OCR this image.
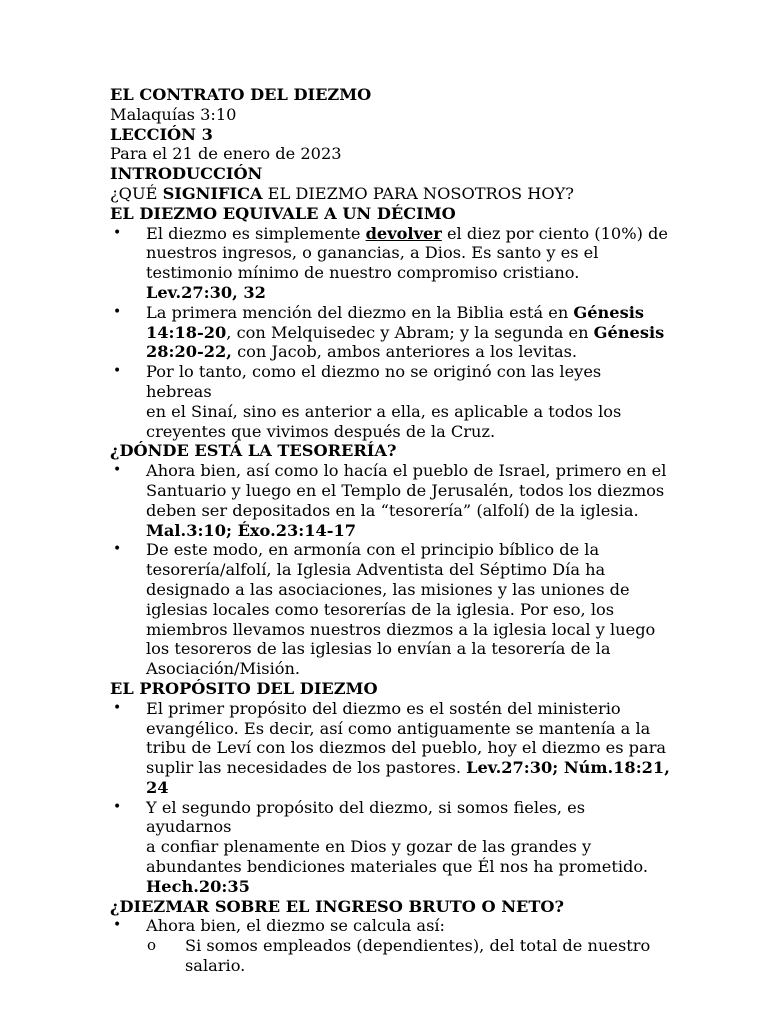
EL CONTRATO DEL DIEZMO
Malaquías 3:10
LECCIÓN 3
Para el 21 de enero de 2023
INTRODUCCIÓN
¿QUÉ SIGNIFICA EL DIEZMO PARA NOSOTROS HOY?
EL DIEZMO EQUIVALE A UN DÉCIMO
• El diezmo es simplemente devolver el diez por ciento (10%) de
nuestros ingresos, o ganancias, a Dios. Es santo y es el
testimonio mínimo de nuestro compromiso cristiano.
Lev.27:30, 32
• La primera mención del diezmo en la Biblia está en Génesis
14:18-20, con Melquisedec y Abram; y la segunda en Génesis
28:20-22, con Jacob, ambos anteriores a los levitas.
• Por lo tanto, como el diezmo no se originó con las leyes hebreas
en el Sinaí, sino es anterior a ella, es aplicable a todos los
creyentes que vivimos después de la Cruz.
¿DÓNDE ESTÁ LA TESORERÍA?
• Ahora bien, así como lo hacía el pueblo de Israel, primero en el
Santuario y luego en el Templo de Jerusalén, todos los diezmos
deben ser depositados en la “tesorería” (alfolí) de la iglesia.
Mal.3:10; Éxo.23:14-17
• De este modo, en armonía con el principio bíblico de la
tesorería/alfolí, la Iglesia Adventista del Séptimo Día ha
designado a las asociaciones, las misiones y las uniones de
iglesias locales como tesorerías de la iglesia. Por eso, los
miembros llevamos nuestros diezmos a la iglesia local y luego
los tesoreros de las iglesias lo envían a la tesorería de la
Asociación/Misión.
EL PROPÓSITO DEL DIEZMO
• El primer propósito del diezmo es el sostén del ministerio
evangélico. Es decir, así como antiguamente se mantenía a la
tribu de Leví con los diezmos del pueblo, hoy el diezmo es para
suplir las necesidades de los pastores. Lev.27:30; Núm.18:21,
24
• Y el segundo propósito del diezmo, si somos fieles, es ayudarnos
a confiar plenamente en Dios y gozar de las grandes y
abundantes bendiciones materiales que Él nos ha prometido.
Hech.20:35
¿DIEZMAR SOBRE EL INGRESO BRUTO O NETO?
• Ahora bien, el diezmo se calcula así:
o Si somos empleados (dependientes), del total de nuestro
salario.
